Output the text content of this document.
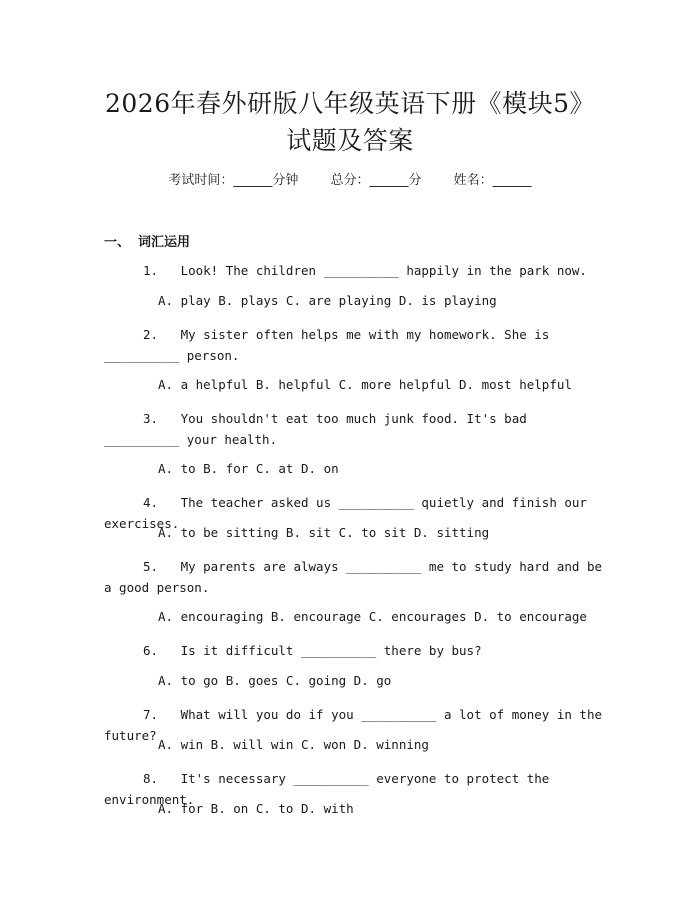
2026年春外研版八年级英语下册《模块5》
试题及答案
考试时间：______分钟 总分：______分 姓名：______
一、 词汇运用
1. Look! The children __________ happily in the park now.
A. play B. plays C. are playing D. is playing
2. My sister often helps me with my homework. She is __________ person.
A. a helpful B. helpful C. more helpful D. most helpful
3. You shouldn't eat too much junk food. It's bad __________ your health.
A. to B. for C. at D. on
4. The teacher asked us __________ quietly and finish our exercises.
A. to be sitting B. sit C. to sit D. sitting
5. My parents are always __________ me to study hard and be a good person.
A. encouraging B. encourage C. encourages D. to encourage
6. Is it difficult __________ there by bus?
A. to go B. goes C. going D. go
7. What will you do if you __________ a lot of money in the future?
A. win B. will win C. won D. winning
8. It's necessary __________ everyone to protect the environment.
A. for B. on C. to D. with
